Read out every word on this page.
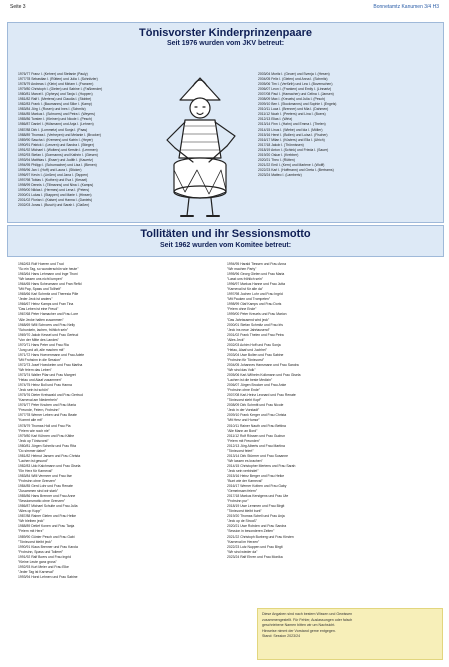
Seite 3	Bonnetamtz Kanumen 3/4 H3
Tönisvorster Kinderprinzenpaare
Seit 1976 wurden vom JKV betreut:
1976/77 Franz I. (Kehrer) und Stefanie (Pauly)
1977/78 Sebastian I. (Rütten) und Julia I. (Schnitzler)
1978/79 Andreas I. (Klein) und Miriam I. (Franzen)
1979/80 Christoph I. (Gielen) und Sabine I. (Faßbender)
1980/81 Marcel I. (Opheys) und Tanja I. (Hoppen)
1981/82 Ralf I. (Mertens) und Claudia I. (Stobbe)
1982/83 Frank I. (Baumanns) und Silke I. (Kamp)
1983/84 Jörg I. (Rosen) und Ines I. (Schmitz)
1984/85 Markus I. (Schroers) und Petra I. (Weyers)
1985/86 Torsten I. (Kleinen) und Nicole I. (Pesch)
1986/87 Daniel I. (Hülsmann) und Anja I. (Lehnen)
1987/88 Dirk I. (Lommetz) und Sonja I. (Paas)
1988/89 Thomas I. (Verheyen) und Melanie I. (Brocker)
1989/90 Sascha I. (Kremers) und Katrin I. (Heyer)
1990/91 Patrick I. (Lenzen) und Sandra I. (Stieger)
1991/92 Michael I. (Wolters) und Kerstin I. (Lemmen)
1992/93 Stefan I. (Gormanns) und Kathrin I. (Giesen)
1993/94 Matthias I. (Esser) und Judith I. (Kauertz)
1994/95 Philipp I. (Schumacher) und Lisa I. (Bienen)
1995/96 Jan I. (Hoff) und Laura I. (Sticker)
1996/97 Kevin I. (Linßen) und Jana I. (Tappen)
1997/98 Tobias I. (Kothen) und Eva I. (Kessel)
1998/99 Dennis I. (Tillmanns) und Nina I. (Kamps)
1999/00 Niklas I. (Hermes) und Lena I. (Peters)
2000/01 Lukas I. (Stappen) und Marie I. (Hinsen)
2001/02 Florian I. (Kaiser) und Hanna I. (Daniels)
2002/03 Jonas I. (Busch) und Sarah I. (Claßen)
2003/04 Moritz I. (Geuer) und Svenja I. (Hesen)
2004/05 Felix I. (Gielen) und Anna I. (Schmitz)
2005/06 Tim I. (Verfürth) und Lea I. (Bovenschen)
2006/07 Leon I. (Franken) und Emily I. (Linnartz)
2007/08 Paul I. (Hamacher) und Celina I. (Jansen)
2008/09 Max I. (Kreuels) und Julia I. (Pesch)
2009/10 Ben I. (Stockmanns) und Sophie I. (Engels)
2010/11 Luca I. (Brenner) und Mia I. (Dahmen)
2011/12 Noah I. (Peeters) und Lina I. (Boers)
2012/13 Elias I. (Wirtz)
2013/14 Finn I. (Hahn) und Emma I. (Thelen)
2014/15 Linus I. (Wiebe) und Ida I. (Möller)
2015/16 Henri I. (Bollen) und Luisa I. (Fischer)
2016/17 Milan I. (Küsters) und Ella I. (Ulrich)
2017/18 Jakob I. (Thönnissen)
2018/19 Anton I. (Schink) und Frieda I. (Sauer)
2019/20 Oskar I. (Krebber)
2020/21 Theo I. (Rütten)
2021/22 Emil I. (Kern) und Marlene I. (Wolff)
2022/23 Karl I. (Hoffmann) und Greta I. (Bertrams)
2023/24 Matteo I. (Lambertz)
Tollitäten und ihr Sessionsmotto
Seit 1962 wurden vom Komitee betreut:
1962/63 Rolf Hoeren und Trud
"So ein Tag, so wunderschön wie heute"
1963/64 Hans Lehmann und Inge Thoni
"Wir lassen uns nicht lumpen"
1964/65 Hans Scheumann und Fran Refld
"Mit Pap, Spass und Tollheit"
1965/66 Karl Schmitz und Theresia Pille
"Jeder Jeck ist anders"
1966/67 Heinz Kamps und Fran Tina
"Das Leben ist eine Freud"
1967/68 Peter Hamacher und Frau Lore
"Alle Jecke halten zusammen"
1968/69 Willi Schroers und Frau Nelly
"Schunkeln, lachen, fröhlich sein"
1969/70 Jakob Kessel und Frau Gertrud
"Von der Mitte des Landes"
1970/71 Hans Peter und Frau Ria
"Jung und alt, alle machen mit"
1971/72 Hans Hoevenmann und Frau Adele
"Mit Frohsinn in die Session"
1972/73 Josef Hoeckelen und Frau Martha
"Wir feiern das Leben"
1973/74 Walter Pilar und Frau Margret
"Helau und Alaaf zusammen"
1974/75 Heinz Boll und Frau Hanna
"Jeck sein ist schön"
1975/76 Dieter Kreiswald und Frau Gertrud
"Karneval am Niederrhein"
1976/77 Peter Knuben und Frau Maria
"Freunde, Feiern, Frohsinn"
1977/78 Werner Leben und Frau Beate
"Kommt alle mit"
1978/79 Thomas Holl und Frau Pia
"Feiern wie noch nie"
1979/80 Karl Kühnen und Frau Käthe
"Jeck op Tönisvorst"
1980/81 Jürgen Schmitz und Frau Rita
"Do simmer dabei"
1981/82 Helmut Jansen und Frau Christa
"Lachen ist gesund"
1982/83 Udo Kalchmann und Frau Gisela
"Ein Herz für Karneval"
1983/84 Willi Vermeer und Frau Ilse
"Frohsinn ohne Grenzen"
1984/85 Gerd Lohr und Frau Renate
"Zusammen sind wir stark"
1985/86 Hans Brenner und Frau Anne
"Sessionsmotto ohne Grenzen"
1986/87 Michael Schulte und Frau Julia
"Alles op Kopp"
1987/88 Rainer Gielen und Frau Heike
"Wir bleiben jeck"
1988/89 Detlef Konen und Frau Tanja
"Feiern mit Herz"
1989/90 Günter Pesch und Frau Gabi
"Tönisvorst bleibt jeck"
1990/91 Klaus Brenner und Frau Karola
"Frohsinn, Spass und Tollerei"
1991/92 Ralf Boers und Frau Ingrid
"Kleine Leute ganz gross"
1992/93 Kurt Meier und Frau Elke
"Jeder Tag ist Karneval"
1993/94 Horst Lehnen und Frau Sabine
1994/95 Harald Tiessen und Frau Anna
"Wir machen Party"
1995/96 Georg Gielen und Frau Maria
"Lasst uns fröhlich sein"
1996/97 Markus Hanne und Frau Jutta
"Karneval ist für alle da"
1997/98 Jochen Lohr und Frau Ingrid
"Mit Pauken und Trompeten"
1998/99 Olaf Kamps und Frau Doris
"Feiern ohne Ende"
1999/00 Peter Kreuels und Frau Marion
"Das Jahrtausend wird jeck"
2000/01 Stefan Schmitz und Frau Iris
"Jeck ins neue Jahrtausend"
2001/02 Frank Thelen und Frau Petra
"Alles Jeck"
2002/03 Achim Hoff und Frau Sonja
"Helau, Alaaf und Juchhei"
2003/04 Uwe Bollen und Frau Sabine
"Frohsinn für Tönisvorst"
2004/05 Johannes Hansmann und Frau Sandra
"Wir sind das Volk"
2005/06 Karl-Wilhelm Kolkmann und Frau Gisela
"Lachen ist die beste Medizin"
2006/07 Jürgen Brocker und Frau Anke
"Frohsinn ohne Ende"
2007/08 Karl-Heinz Leonard und Frau Renate
"Tönisvorst steht Kopf"
2008/09 Dirk Schmitt und Frau Nicole
"Jeck in der Vorstadt"
2009/10 Frank Kerger und Frau Christa
"Mit Herz und Humor"
2010/11 Rainer Nauth und Frau Bettina
"Alle Mann an Bord"
2011/12 Rolf Rössen und Frau Gudrun
"Feiern mit Freunden"
2012/13 Jörg Alberts und Frau Martina
"Tönisvorst feiert"
2013/14 Dirk Stürmer und Frau Susanne
"Wir lassen es krachen"
2014/15 Christopher Mertens und Frau Sarah
"Jeck sein verbindet"
2015/16 Heinz Berger und Frau Heike
"Bunt wie der Karneval"
2016/17 Werner Kothen und Frau Gaby
"Gemeinsam feiern"
2017/18 Markus Kerstgens und Frau Ute
"Frohsinn pur"
2018/19 Uwe Lemmen und Frau Birgit
"Tönisvorst bleibt bunt"
2019/20 Thomas Schell und Frau Anja
"Jeck op de Strooß"
2020/21 Uwe Rohden und Frau Sandra
"Session in besonderen Zeiten"
2021/22 Christoph Burberg und Frau Kirsten
"Karneval im Herzen"
2022/23 Lutz Nuppen und Frau Birgit
"Wir sind wieder da"
2023/24 Ralf Ehren und Frau Monika
Diese Angaben sind nach bestem Wissen und Gewissen
zusammengestellt. Für Fehler, Auslassungen oder falsch
geschriebene Namen bitten wir um Nachsicht.
Hinweise nimmt der Vorstand gerne entgegen.
Stand: Session 2023/24
